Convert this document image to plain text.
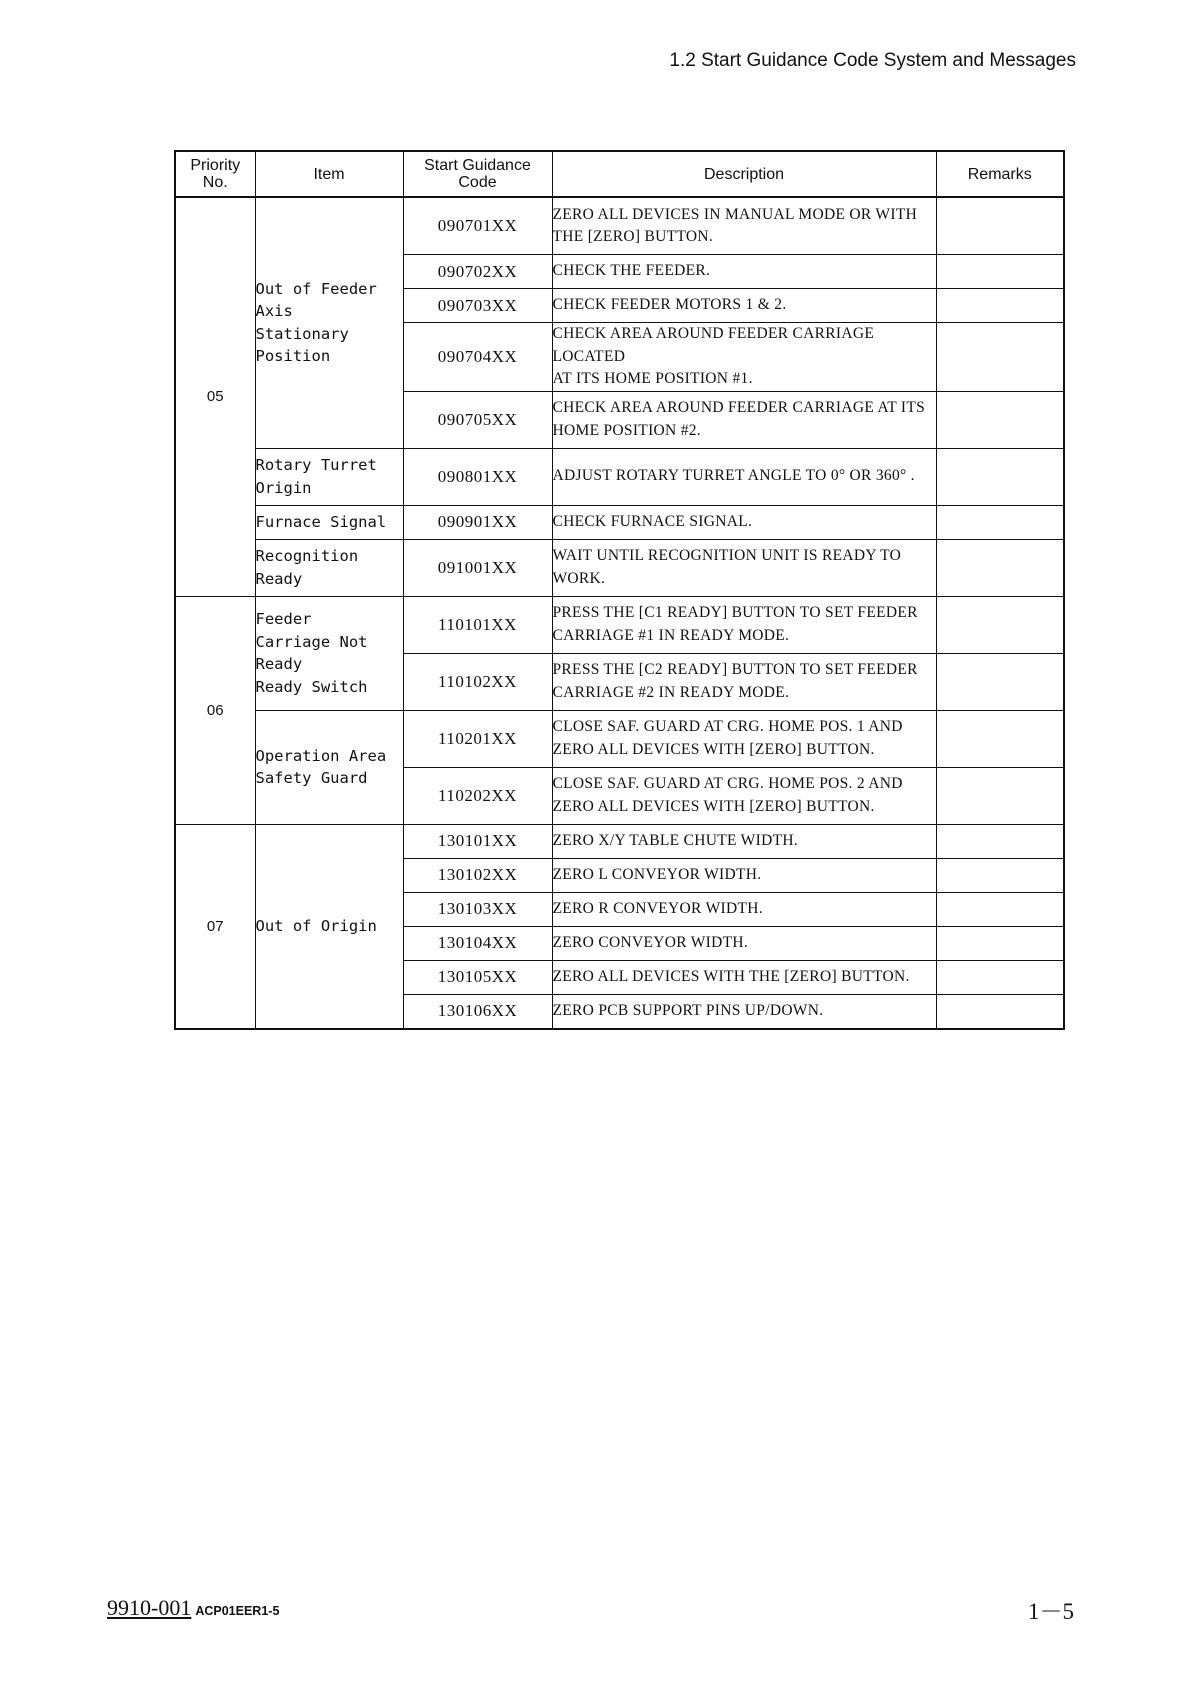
1.2 Start Guidance Code System and Messages
Priority No.	Item	Start Guidance Code	Description	Remarks
05	Out of Feeder
Axis
Stationary
Position	090701XX	ZERO ALL DEVICES IN MANUAL MODE OR WITH
THE [ZERO] BUTTON.	
		090702XX	CHECK THE FEEDER.	
		090703XX	CHECK FEEDER MOTORS 1 & 2.	
		090704XX	CHECK AREA AROUND FEEDER CARRIAGE LOCATED
AT ITS HOME POSITION #1.	
		090705XX	CHECK AREA AROUND FEEDER CARRIAGE AT ITS
HOME POSITION #2.	
	Rotary Turret
Origin	090801XX	ADJUST ROTARY TURRET ANGLE TO 0° OR 360° .	
	Furnace Signal	090901XX	CHECK FURNACE SIGNAL.	
	Recognition
Ready	091001XX	WAIT UNTIL RECOGNITION UNIT IS READY TO
WORK.	
06	Feeder
Carriage Not
Ready
Ready Switch	110101XX	PRESS THE [C1 READY] BUTTON TO SET FEEDER
CARRIAGE #1 IN READY MODE.	
		110102XX	PRESS THE [C2 READY] BUTTON TO SET FEEDER
CARRIAGE #2 IN READY MODE.	
	Operation Area
Safety Guard	110201XX	CLOSE SAF. GUARD AT CRG. HOME POS. 1 AND
ZERO ALL DEVICES WITH [ZERO] BUTTON.	
		110202XX	CLOSE SAF. GUARD AT CRG. HOME POS. 2 AND
ZERO ALL DEVICES WITH [ZERO] BUTTON.	
07	Out of Origin	130101XX	ZERO X/Y TABLE CHUTE WIDTH.	
		130102XX	ZERO L CONVEYOR WIDTH.	
		130103XX	ZERO R CONVEYOR WIDTH.	
		130104XX	ZERO CONVEYOR WIDTH.	
		130105XX	ZERO ALL DEVICES WITH THE [ZERO] BUTTON.	
		130106XX	ZERO PCB SUPPORT PINS UP/DOWN.	
9910-001 ACP01EER1-5	1－5
